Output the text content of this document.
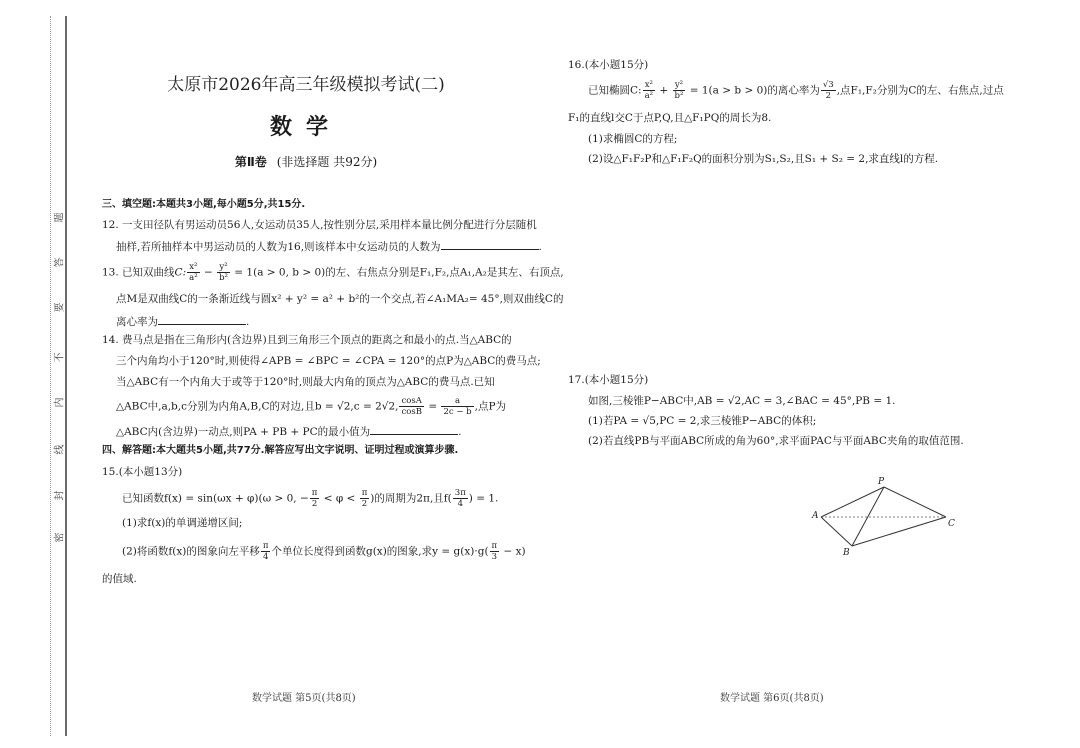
题
答
要
不
内
线
封
密
太原市2026年高三年级模拟考试(二)
数学
第Ⅱ卷 (非选择题 共92分)
三、填空题:本题共3小题,每小题5分,共15分.
12. 一支田径队有男运动员56人,女运动员35人,按性别分层,采用样本量比例分配进行分层随机
抽样,若所抽样本中男运动员的人数为16,则该样本中女运动员的人数为	.
13. 已知双曲线C: $\frac{\text{x²}}{\text{a²}} - \frac{\text{y²}}{\text{b²}} = 1(a > 0$, b > 0)的左、右焦点分别是F₁,F₂,点A₁,A₂是其左、右顶点,
点M是双曲线C的一条渐近线与圆x² + y² = a² + b²的一个交点,若∠A₁MA₂= 45°,则双曲线C的
离心率为	.
14. 费马点是指在三角形内(含边界)且到三角形三个顶点的距离之和最小的点.当△ABC的
三个内角均小于120°时,则使得∠APB = ∠BPC = ∠CPA = 120°的点P为△ABC的费马点;
当△ABC有一个内角大于或等于120°时,则最大内角的顶点为△ABC的费马点.已知
△ABC中,a,b,c分别为内角A,B,C的对边,且b = √2,c = 2√2, $\frac{\cos A}{\cos B} = \frac{a}{2c - b}$ ,点P为
△ABC内(含边界)一动点,则PA + PB + PC的最小值为	.
四、解答题:本大题共5小题,共77分.解答应写出文字说明、证明过程或演算步骤.
15.(本小题13分)
已知函数f(x) = sin(ωx + φ)(ω > 0, − $\frac{\pi}{2} < \varphi < \frac{\pi}{2}$ )的周期为2π,且$f( \frac{3\pi}{4}$ ) = 1.
(1)求f(x)的单调递增区间;
(2)将函数f(x)的图象向左平移 $\frac{\pi}{4}$ 个单位长度得到函数g(x)的图象,求$y = g(x)\cdot g( \frac{\pi}{3} - x)$
的值域.
数学试题 第5页(共8页)
16.(本小题15分)
已知椭圆C: $\frac{\text{x²}}{\text{a²}} + \frac{\text{y²}}{\text{b²}} = 1(a > b > 0)$的离心率为 $\frac{√3}{2}$ ,点F₁,F₂分别为C的左、右焦点,过点
F₁的直线l交C于点P,Q,且△F₁PQ的周长为8.
(1)求椭圆C的方程;
(2)设△F₁F₂P和△F₁F₂Q的面积分别为S₁,S₂,且S₁ + S₂ = 2,求直线l的方程.
17.(本小题15分)
如图,三棱锥P−ABC中,AB = √2,AC = 3,∠BAC = 45°,PB = 1.
(1)若PA = √5,PC = 2,求三棱锥P−ABC的体积;
(2)若直线PB与平面ABC所成的角为60°,求平面PAC与平面ABC夹角的取值范围.
数学试题 第6页(共8页)
P
A
B
C
